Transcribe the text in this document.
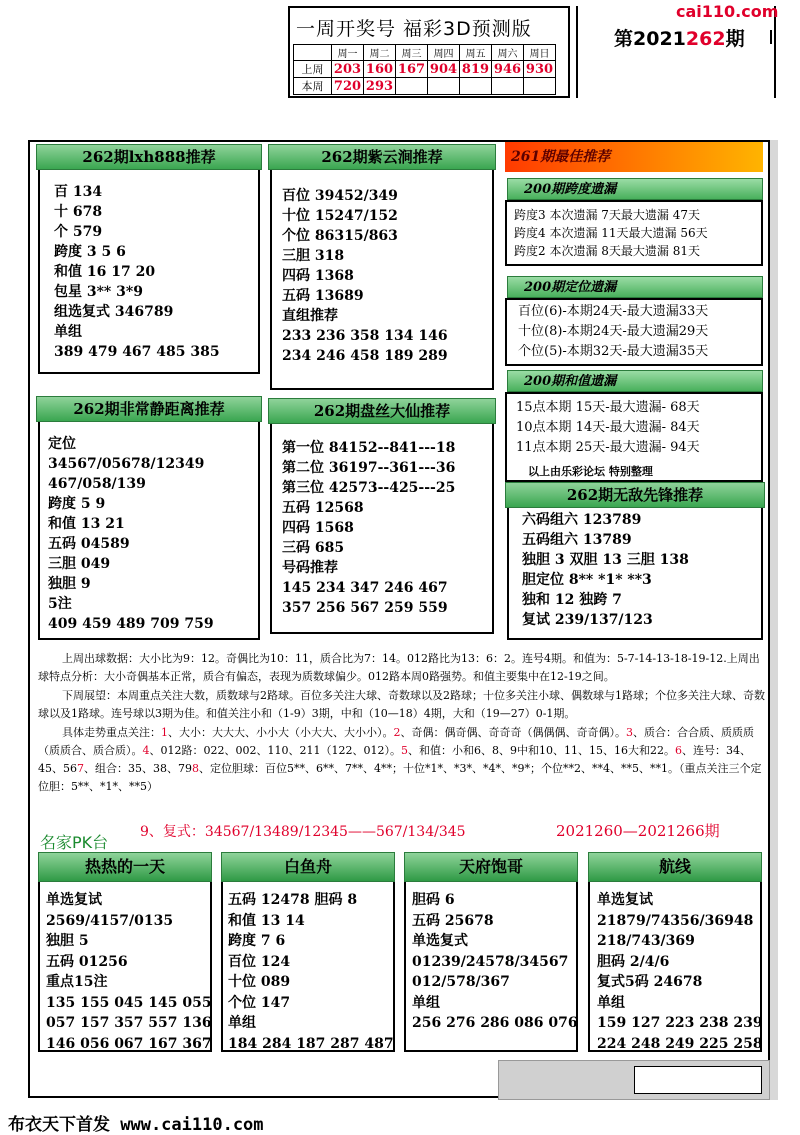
一周开奖号 福彩3D预测版
	周一	周二	周三	周四	周五	周六	周日
上周	203	160	167	904	819	946	930
本周	720	293					
第2021262期
cai110.com
262期lxh888推荐
百 134
十 678
个 579
跨度 3 5 6
和值 16 17 20
包星 3** 3*9
组选复式 346789
单组
389 479 467 485 385
262期紫云涧推荐
百位 39452/349
十位 15247/152
个位 86315/863
三胆 318
四码 1368
五码 13689
直组推荐
233 236 358 134 146
234 246 458 189 289
262期非常静距离推荐
定位
34567/05678/12349
467/058/139
跨度 5 9
和值 13 21
五码 04589
三胆 049
独胆 9
5注
409 459 489 709 759
262期盘丝大仙推荐
第一位 84152--841---18
第二位 36197--361---36
第三位 42573--425---25
五码 12568
四码 1568
三码 685
号码推荐
145 234 347 246 467
357 256 567 259 559
261期最佳推荐
200期跨度遗漏
跨度3 本次遗漏 7天最大遗漏 47天
跨度4 本次遗漏 11天最大遗漏 56天
跨度2 本次遗漏 8天最大遗漏 81天
200期定位遗漏
百位(6)-本期24天-最大遗漏33天
十位(8)-本期24天-最大遗漏29天
个位(5)-本期32天-最大遗漏35天
200期和值遗漏
15点本期 15天-最大遗漏- 68天
10点本期 14天-最大遗漏- 84天
11点本期 25天-最大遗漏- 94天
以上由乐彩论坛 特别整理
262期无敌先锋推荐
六码组六 123789
五码组六 13789
独胆 3 双胆 13 三胆 138
胆定位 8** *1* **3
独和 12 独跨 7
复试 239/137/123

上周出球数据：大小比为9：12。奇偶比为10：11，质合比为7：14。012路比为13：6：2。连号4期。和值为：5-7-14-13-18-19-12.上周出球特点分析：大小奇偶基本正常，质合有偏态，表现为质数球偏少。012路本周0路强势。和值主要集中在12-19之间。

下周展望：本周重点关注大数，质数球与2路球。百位多关注大球、奇数球以及2路球；十位多关注小球、偶数球与1路球；个位多关注大球、奇数球以及1路球。连号球以3期为佳。和值关注小和（1-9）3期，中和（10—18）4期，大和（19—27）0-1期。

具体走势重点关注：1、大小：大大大、小小大（小大大、大小小）。2、奇偶：偶奇偶、奇奇奇（偶偶偶、奇奇偶）。3、质合：合合质、质质质（质质合、质合质）。4、012路：022、002、110、211（122、012）。5、和值：小和6、8、9中和10、11、15、16大和22。6、连号：34、45、567、组合：35、38、798、定位胆球：百位5**、6**、7**、4**；十位*1*、*3*、*4*、*9*；个位**2、**4、**5、**1。（重点关注三个定位胆：5**、*1*、**5）

9、复式：34567/13489/12345——567/134/345	2021260—2021266期
名家PK台
热热的一天
单选复试
2569/4157/0135
独胆 5
五码 01256
重点15注
135 155 045 145 055
057 157 357 557 136
146 056 067 167 367
白鱼舟
五码 12478 胆码 8
和值 13 14
跨度 7 6
百位 124
十位 089
个位 147
单组
184 284 187 287 487
天府饱哥
胆码 6
五码 25678
单选复式
01239/24578/34567
012/578/367
单组
256 276 286 086 076
航线
单选复试
21879/74356/36948
218/743/369
胆码 2/4/6
复式5码 24678
单组
159 127 223 238 239
224 248 249 225 258
布衣天下首发 www.cai110.com
